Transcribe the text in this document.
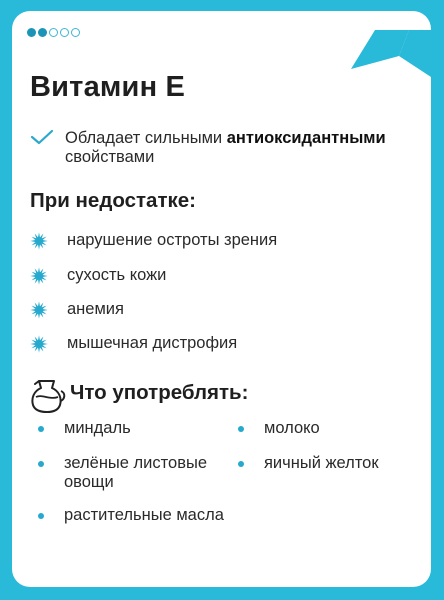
Витамин Е
Обладает сильными антиоксидантными свойствами
При недостатке:
нарушение остроты зрения
сухость кожи
анемия
мышечная дистрофия
Что употреблять:
миндаль
зелёные листовые овощи
растительные масла
молоко
яичный желток
